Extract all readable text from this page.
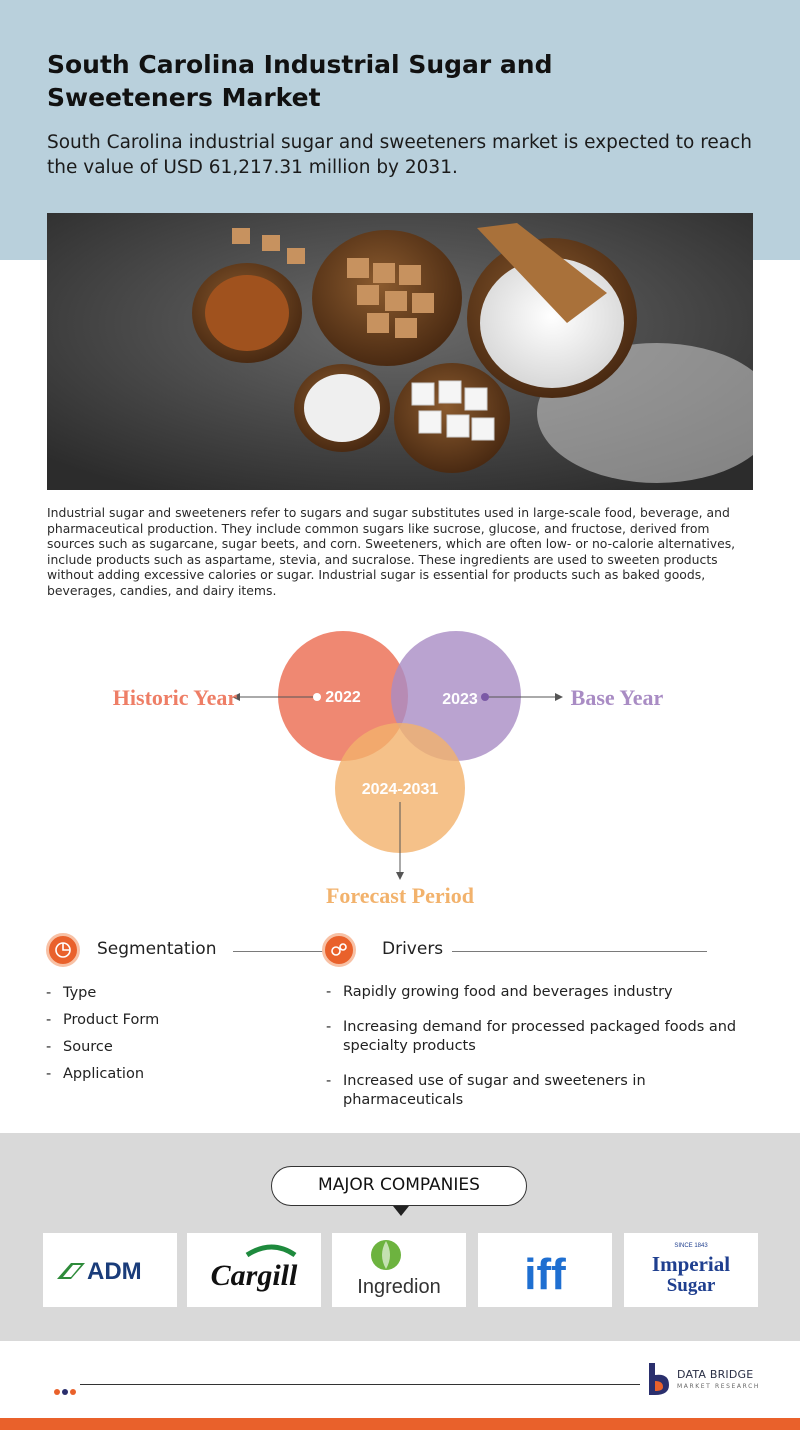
South Carolina Industrial Sugar and Sweeteners Market
South Carolina industrial sugar and sweeteners market is expected to reach the value of USD 61,217.31 million by 2031.
Industrial sugar and sweeteners refer to sugars and sugar substitutes used in large-scale food, beverage, and pharmaceutical production. They include common sugars like sucrose, glucose, and fructose, derived from sources such as sugarcane, sugar beets, and corn. Sweeteners, which are often low- or no-calorie alternatives, include products such as aspartame, stevia, and sucralose. These ingredients are used to sweeten products without adding excessive calories or sugar. Industrial sugar is essential for products such as baked goods, beverages, candies, and dairy items.
2022	2023
2024-2031
Historic Year	Base Year
Forecast Period
Segmentation	Drivers
- Type
- Product Form
- Source
- Application
- Rapidly growing food and beverages industry
- Increasing demand for processed packaged foods and specialty products
- Increased use of sugar and sweeteners in pharmaceuticals
MAJOR COMPANIES
ADM Cargill	Ingredion iff
SINCE 1843
Imperial
Sugar
DATA BRIDGE
MARKET RESEARCH
